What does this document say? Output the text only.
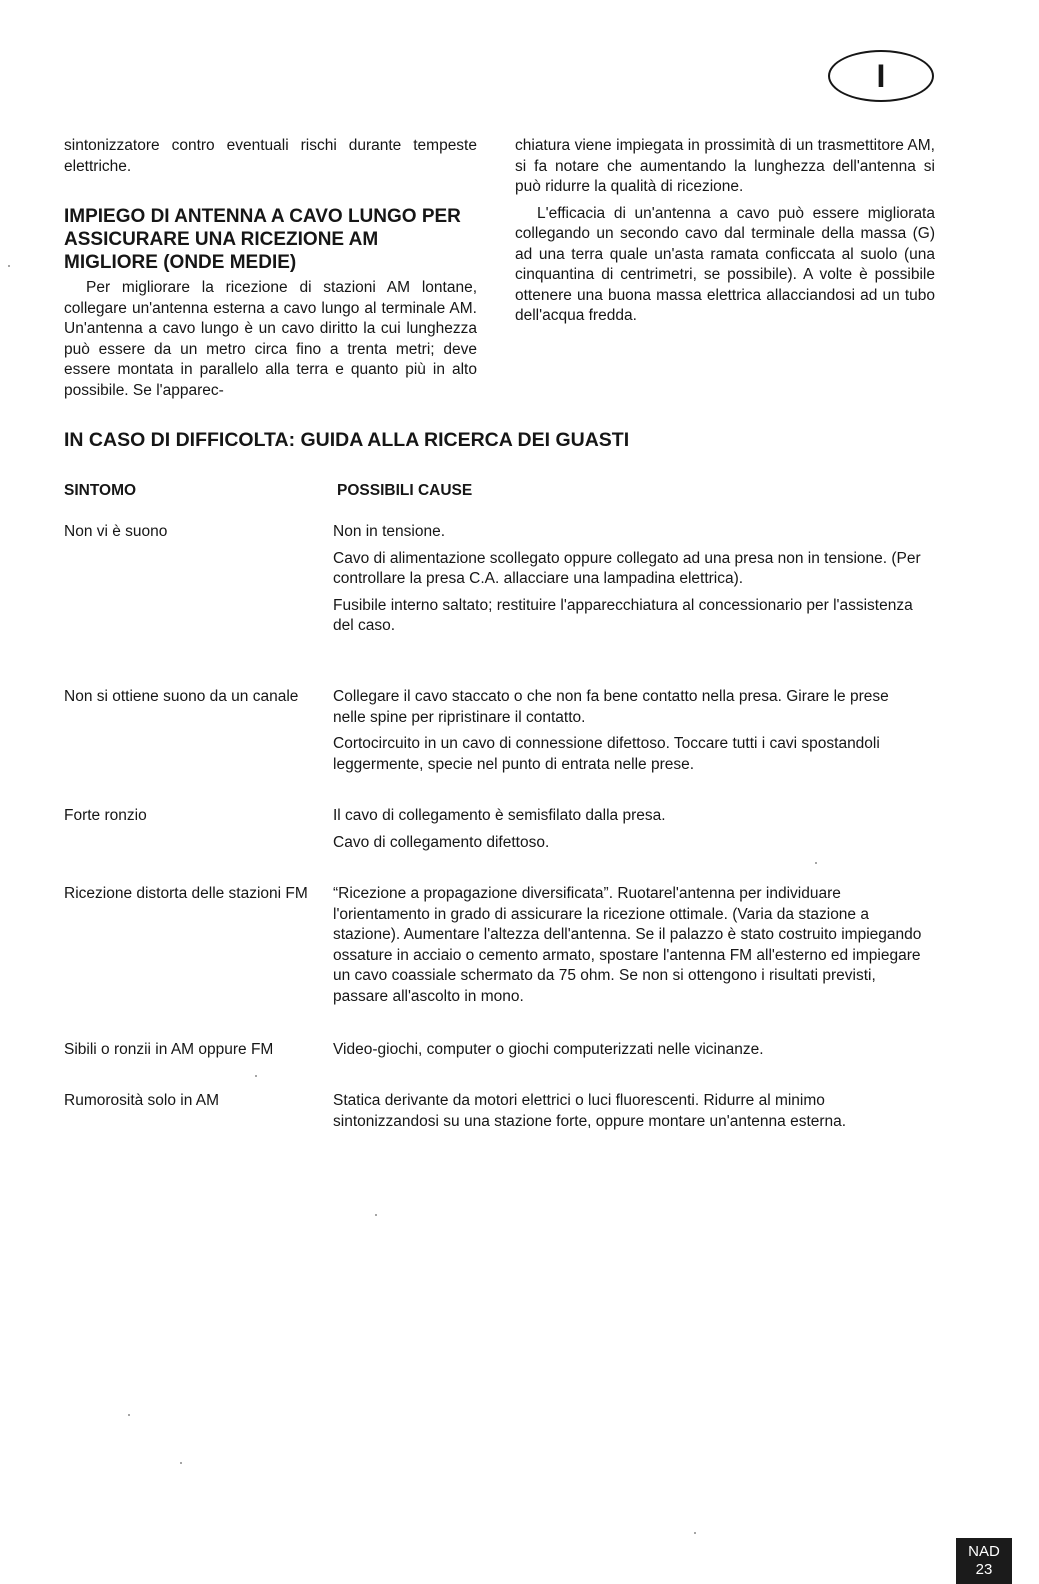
I

sintonizzatore contro eventuali rischi durante tempeste elettriche.

IMPIEGO DI ANTENNA A CAVO LUNGO PER ASSICURARE UNA RICEZIONE AM MIGLIORE (ONDE MEDIE)

Per migliorare la ricezione di stazioni AM lontane, collegare un'antenna esterna a cavo lungo al terminale AM. Un'antenna a cavo lungo è un cavo diritto la cui lunghezza può essere da un metro circa fino a trenta metri; deve essere montata in parallelo alla terra e quanto più in alto possibile. Se l'apparec-

chiatura viene impiegata in prossimità di un trasmettitore AM, si fa notare che aumentando la lunghezza dell'antenna si può ridurre la qualità di ricezione.

L'efficacia di un'antenna a cavo può essere migliorata collegando un secondo cavo dal terminale della massa (G) ad una terra quale un'asta ramata conficcata al suolo (una cinquantina di centrimetri, se possibile). A volte è possibile ottenere una buona massa elettrica allacciandosi ad un tubo dell'acqua fredda.

IN CASO DI DIFFICOLTA: GUIDA ALLA RICERCA DEI GUASTI
SINTOMO	POSSIBILI CAUSE
Non vi è suono	Non in tensione.

Cavo di alimentazione scollegato oppure collegato ad una presa non in tensione. (Per controllare la presa C.A. allacciare una lampadina elettrica).

Fusibile interno saltato; restituire l'apparecchiatura al concessionario per l'assistenza del caso.

Non si ottiene suono da un canale	Collegare il cavo staccato o che non fa bene contatto nella presa. Girare le prese nelle spine per ripristinare il contatto.

Cortocircuito in un cavo di connessione difettoso. Toccare tutti i cavi spostandoli leggermente, specie nel punto di entrata nelle prese.

Forte ronzio	Il cavo di collegamento è semisfilato dalla presa.

Cavo di collegamento difettoso.

Ricezione distorta delle stazioni FM	“Ricezione a propagazione diversificata”. Ruotarel'antenna per individuare l'orientamento in grado di assicurare la ricezione ottimale. (Varia da stazione a stazione). Aumentare l'altezza dell'antenna. Se il palazzo è stato costruito impiegando ossature in acciaio o cemento armato, spostare l'antenna FM all'esterno ed impiegare un cavo coassiale schermato da 75 ohm. Se non si ottengono i risultati previsti, passare all'ascolto in mono.

Sibili o ronzii in AM oppure FM	Video-giochi, computer o giochi computerizzati nelle vicinanze.

Rumorosità solo in AM	Statica derivante da motori elettrici o luci fluorescenti. Ridurre al minimo sintonizzandosi su una stazione forte, oppure montare un'antenna esterna.

NAD
23
